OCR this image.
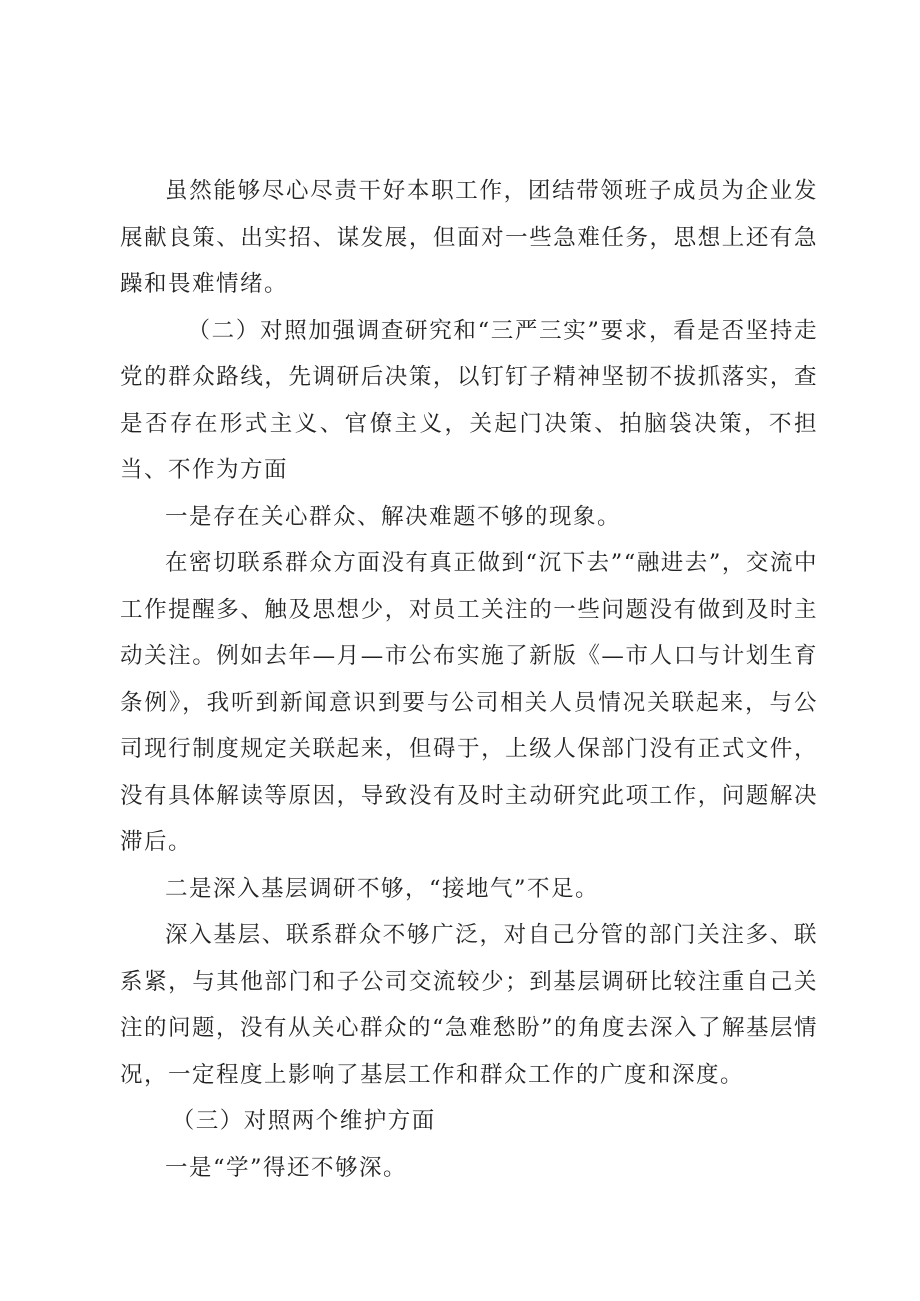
虽然能够尽心尽责干好本职工作，团结带领班子成员为企业发展献良策、出实招、谋发展，但面对一些急难任务，思想上还有急躁和畏难情绪。

（二）对照加强调查研究和“三严三实”要求，看是否坚持走党的群众路线，先调研后决策，以钉钉子精神坚韧不拔抓落实，查是否存在形式主义、官僚主义，关起门决策、拍脑袋决策，不担当、不作为方面

一是存在关心群众、解决难题不够的现象。

在密切联系群众方面没有真正做到“沉下去”“融进去”，交流中工作提醒多、触及思想少，对员工关注的一些问题没有做到及时主动关注。例如去年—月—市公布实施了新版《—市人口与计划生育条例》，我听到新闻意识到要与公司相关人员情况关联起来，与公司现行制度规定关联起来，但碍于，上级人保部门没有正式文件，没有具体解读等原因，导致没有及时主动研究此项工作，问题解决滞后。

二是深入基层调研不够，“接地气”不足。

深入基层、联系群众不够广泛，对自己分管的部门关注多、联系紧，与其他部门和子公司交流较少；到基层调研比较注重自己关注的问题，没有从关心群众的“急难愁盼”的角度去深入了解基层情况，一定程度上影响了基层工作和群众工作的广度和深度。

（三）对照两个维护方面

一是“学”得还不够深。
